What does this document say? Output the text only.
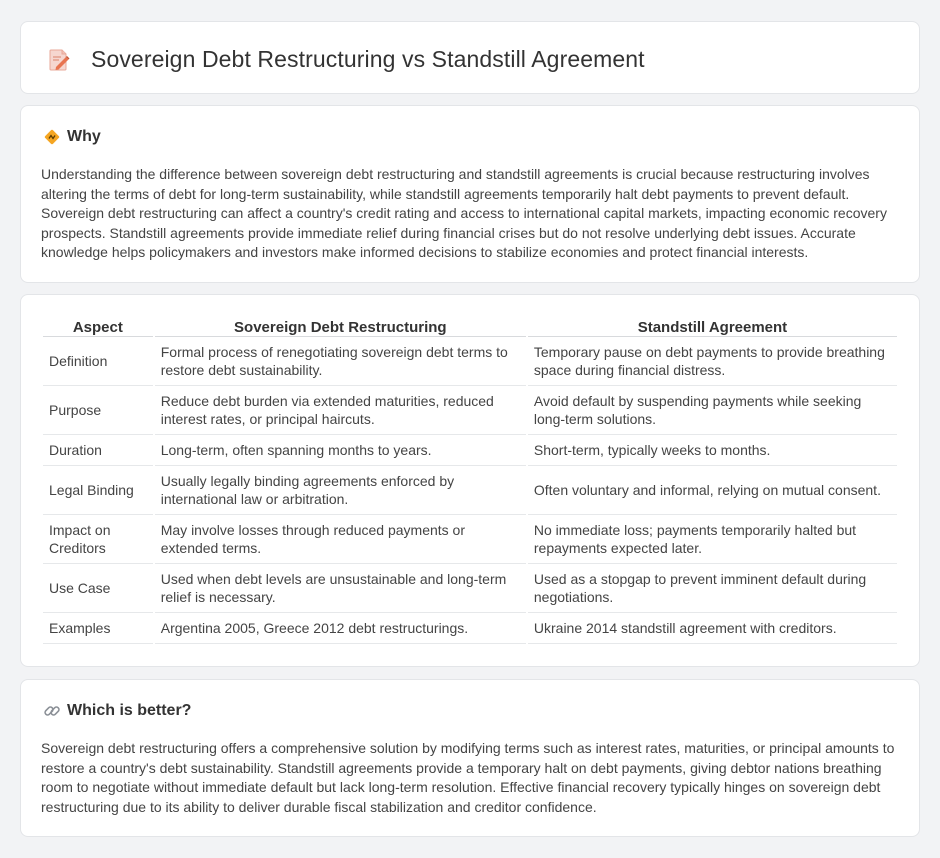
Sovereign Debt Restructuring vs Standstill Agreement
Why

Understanding the difference between sovereign debt restructuring and standstill agreements is crucial because restructuring involves altering the terms of debt for long-term sustainability, while standstill agreements temporarily halt debt payments to prevent default. Sovereign debt restructuring can affect a country's credit rating and access to international capital markets, impacting economic recovery prospects. Standstill agreements provide immediate relief during financial crises but do not resolve underlying debt issues. Accurate knowledge helps policymakers and investors make informed decisions to stabilize economies and protect financial interests.

Aspect	Sovereign Debt Restructuring	Standstill Agreement
Definition	Formal process of renegotiating sovereign debt terms to restore debt sustainability.	Temporary pause on debt payments to provide breathing space during financial distress.
Purpose	Reduce debt burden via extended maturities, reduced interest rates, or principal haircuts.	Avoid default by suspending payments while seeking long-term solutions.
Duration	Long-term, often spanning months to years.	Short-term, typically weeks to months.
Legal Binding	Usually legally binding agreements enforced by international law or arbitration.	Often voluntary and informal, relying on mutual consent.
Impact on Creditors	May involve losses through reduced payments or extended terms.	No immediate loss; payments temporarily halted but repayments expected later.
Use Case	Used when debt levels are unsustainable and long-term relief is necessary.	Used as a stopgap to prevent imminent default during negotiations.
Examples	Argentina 2005, Greece 2012 debt restructurings.	Ukraine 2014 standstill agreement with creditors.
Which is better?

Sovereign debt restructuring offers a comprehensive solution by modifying terms such as interest rates, maturities, or principal amounts to restore a country's debt sustainability. Standstill agreements provide a temporary halt on debt payments, giving debtor nations breathing room to negotiate without immediate default but lack long-term resolution. Effective financial recovery typically hinges on sovereign debt restructuring due to its ability to deliver durable fiscal stabilization and creditor confidence.
